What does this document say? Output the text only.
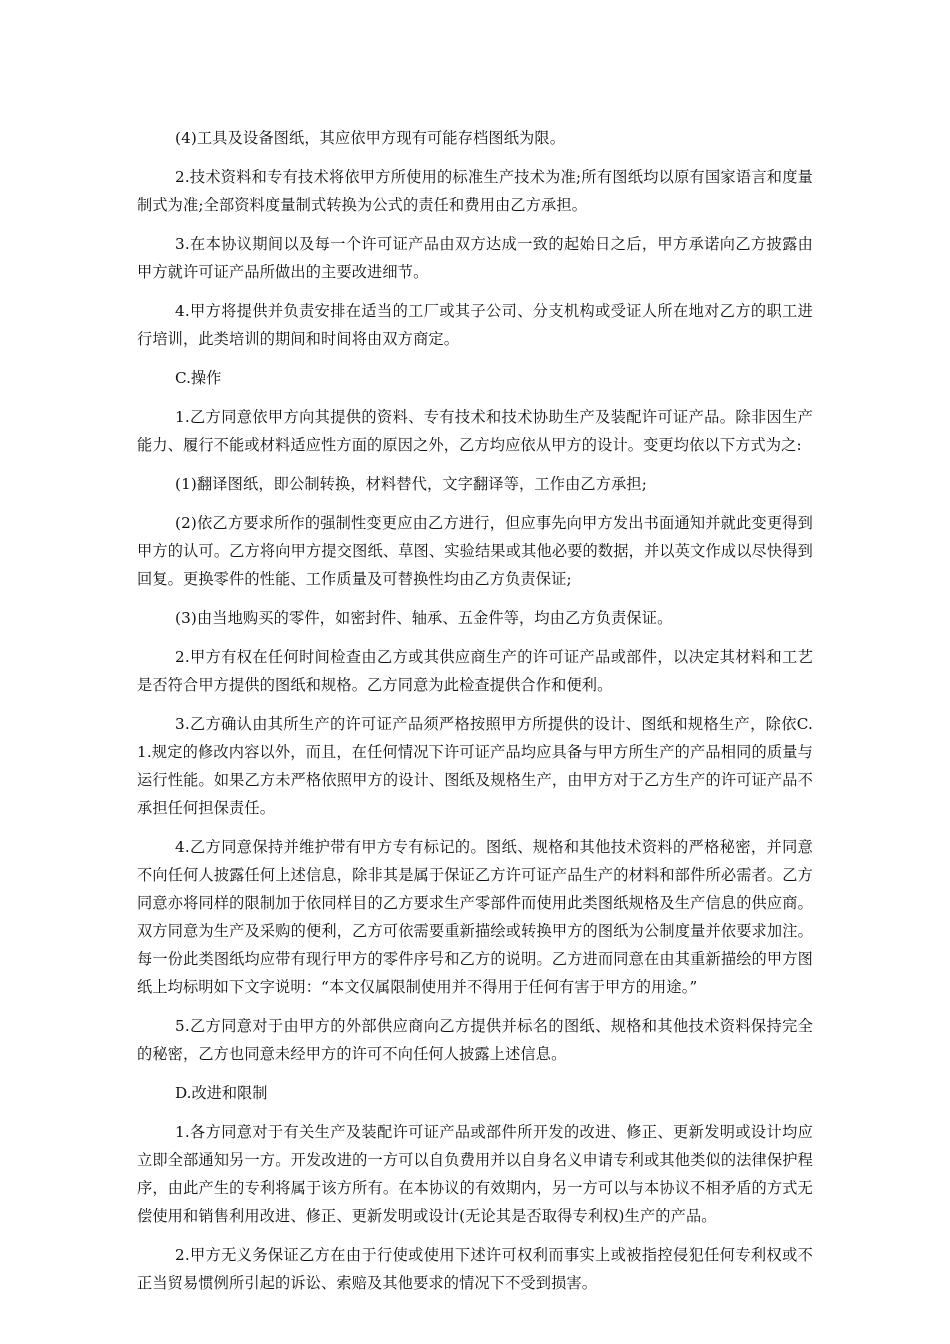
(4)工具及设备图纸，其应依甲方现有可能存档图纸为限。

2.技术资料和专有技术将依甲方所使用的标准生产技术为准;所有图纸均以原有国家语言和度量制式为准;全部资料度量制式转换为公式的责任和费用由乙方承担。

3.在本协议期间以及每一个许可证产品由双方达成一致的起始日之后，甲方承诺向乙方披露由甲方就许可证产品所做出的主要改进细节。

4.甲方将提供并负责安排在适当的工厂或其子公司、分支机构或受证人所在地对乙方的职工进行培训，此类培训的期间和时间将由双方商定。

C.操作

1.乙方同意依甲方向其提供的资料、专有技术和技术协助生产及装配许可证产品。除非因生产能力、履行不能或材料适应性方面的原因之外，乙方均应依从甲方的设计。变更均依以下方式为之:

(1)翻译图纸，即公制转换，材料替代，文字翻译等，工作由乙方承担;

(2)依乙方要求所作的强制性变更应由乙方进行，但应事先向甲方发出书面通知并就此变更得到甲方的认可。乙方将向甲方提交图纸、草图、实验结果或其他必要的数据，并以英文作成以尽快得到回复。更换零件的性能、工作质量及可替换性均由乙方负责保证;

(3)由当地购买的零件，如密封件、轴承、五金件等，均由乙方负责保证。

2.甲方有权在任何时间检查由乙方或其供应商生产的许可证产品或部件，以决定其材料和工艺是否符合甲方提供的图纸和规格。乙方同意为此检查提供合作和便利。

3.乙方确认由其所生产的许可证产品须严格按照甲方所提供的设计、图纸和规格生产，除依C.1.规定的修改内容以外，而且，在任何情况下许可证产品均应具备与甲方所生产的产品相同的质量与运行性能。如果乙方未严格依照甲方的设计、图纸及规格生产，由甲方对于乙方生产的许可证产品不承担任何担保责任。

4.乙方同意保持并维护带有甲方专有标记的。图纸、规格和其他技术资料的严格秘密，并同意不向任何人披露任何上述信息，除非其是属于保证乙方许可证产品生产的材料和部件所必需者。乙方同意亦将同样的限制加于依同样目的乙方要求生产零部件而使用此类图纸规格及生产信息的供应商。双方同意为生产及采购的便利，乙方可依需要重新描绘或转换甲方的图纸为公制度量并依要求加注。每一份此类图纸均应带有现行甲方的零件序号和乙方的说明。乙方进而同意在由其重新描绘的甲方图纸上均标明如下文字说明：“本文仅属限制使用并不得用于任何有害于甲方的用途。”

5.乙方同意对于由甲方的外部供应商向乙方提供并标名的图纸、规格和其他技术资料保持完全的秘密，乙方也同意未经甲方的许可不向任何人披露上述信息。

D.改进和限制

1.各方同意对于有关生产及装配许可证产品或部件所开发的改进、修正、更新发明或设计均应立即全部通知另一方。开发改进的一方可以自负费用并以自身名义申请专利或其他类似的法律保护程序，由此产生的专利将属于该方所有。在本协议的有效期内，另一方可以与本协议不相矛盾的方式无偿使用和销售利用改进、修正、更新发明或设计(无论其是否取得专利权)生产的产品。

2.甲方无义务保证乙方在由于行使或使用下述许可权利而事实上或被指控侵犯任何专利权或不正当贸易惯例所引起的诉讼、索赔及其他要求的情况下不受到损害。
